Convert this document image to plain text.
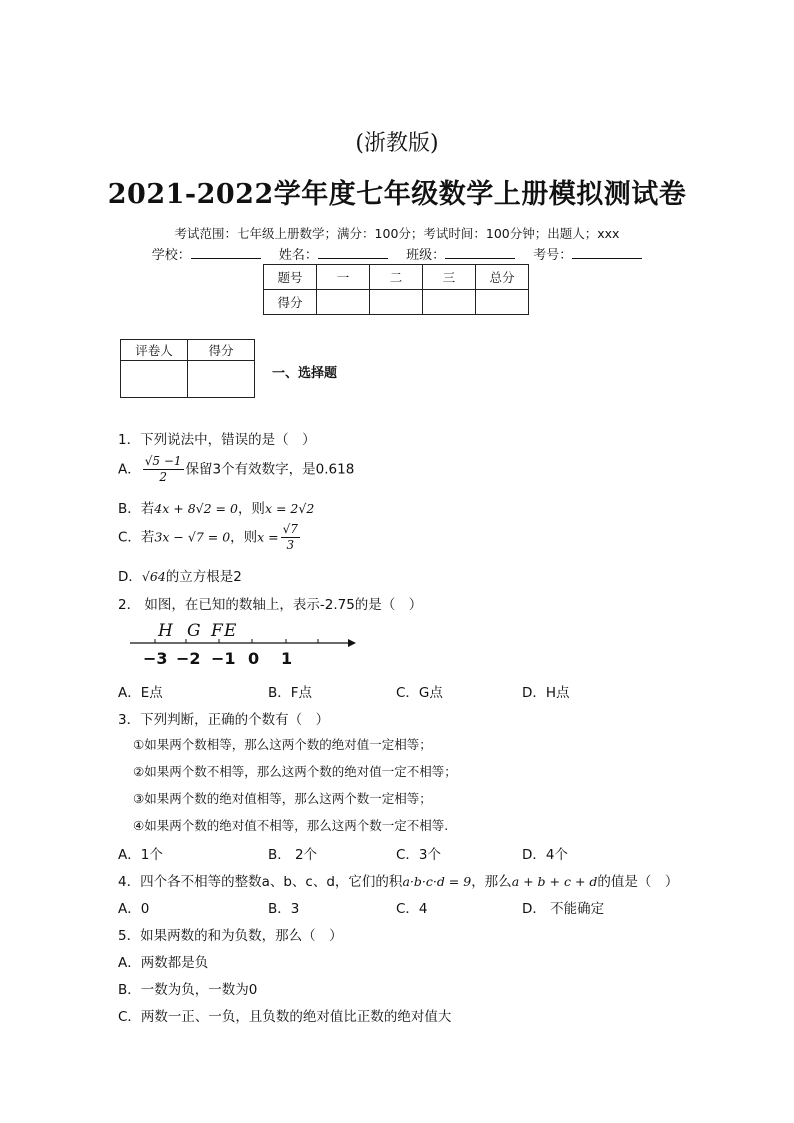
(浙教版)
2021-2022学年度七年级数学上册模拟测试卷
考试范围：七年级上册数学；满分：100分；考试时间：100分钟；出题人；xxx
学校：	姓名：	班级：	考号：
题号	一	二	三	总分
得分				
评卷人	得分

一、选择题
1．下列说法中，错误的是（　）
A． $\frac{√5 -1}{2}$ 保留3个有效数字，是0.618
B．若4x + 8√2 = 0，则x = 2√2
C．若3x − √7 = 0，则$x = \frac{√7}{3}$
D．√64的立方根是2
2． 如图，在已知的数轴上，表示-2.75的是（　）
H G F E
−3 −2 −1 0 1
A．E点	B．F点	C．G点	D．H点
3．下列判断，正确的个数有（　）
①如果两个数相等，那么这两个数的绝对值一定相等；
②如果两个数不相等，那么这两个数的绝对值一定不相等；
③如果两个数的绝对值相等，那么这两个数一定相等；
④如果两个数的绝对值不相等，那么这两个数一定不相等.
A．1个	B． 2个	C．3个	D．4个
4．四个各不相等的整数a、b、c、d，它们的积a·b·c·d = 9，那么a + b + c + d的值是（　）
A．0	B．3	C．4	D． 不能确定
5．如果两数的和为负数，那么（　）
A．两数都是负
B．一数为负，一数为0
C．两数一正、一负，且负数的绝对值比正数的绝对值大
